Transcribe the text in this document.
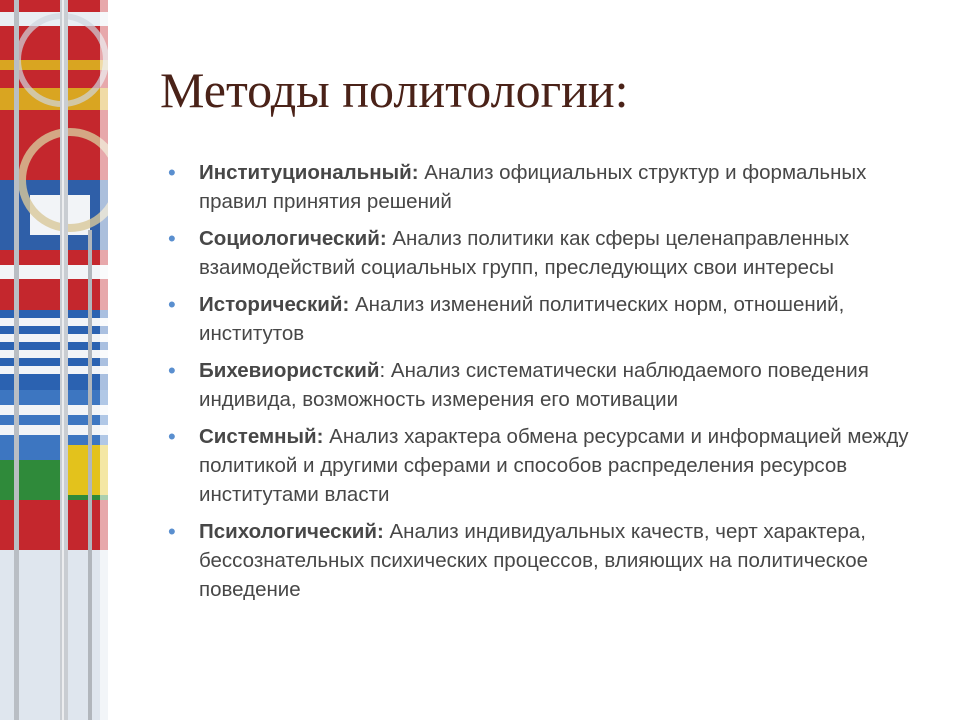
Методы политологии:
• Институциональный: Анализ официальных структур и формальных правил принятия решений
• Социологический: Анализ политики как сферы целенаправленных взаимодействий социальных групп, преследующих свои интересы
• Исторический: Анализ изменений политических норм, отношений, институтов
• Бихевиористский: Анализ систематически наблюдаемого поведения индивида, возможность измерения его мотивации
• Системный: Анализ характера обмена ресурсами и информацией между политикой и другими сферами и способов распределения ресурсов институтами власти
• Психологический: Анализ индивидуальных качеств, черт характера, бессознательных психических процессов, влияющих на политическое поведение
